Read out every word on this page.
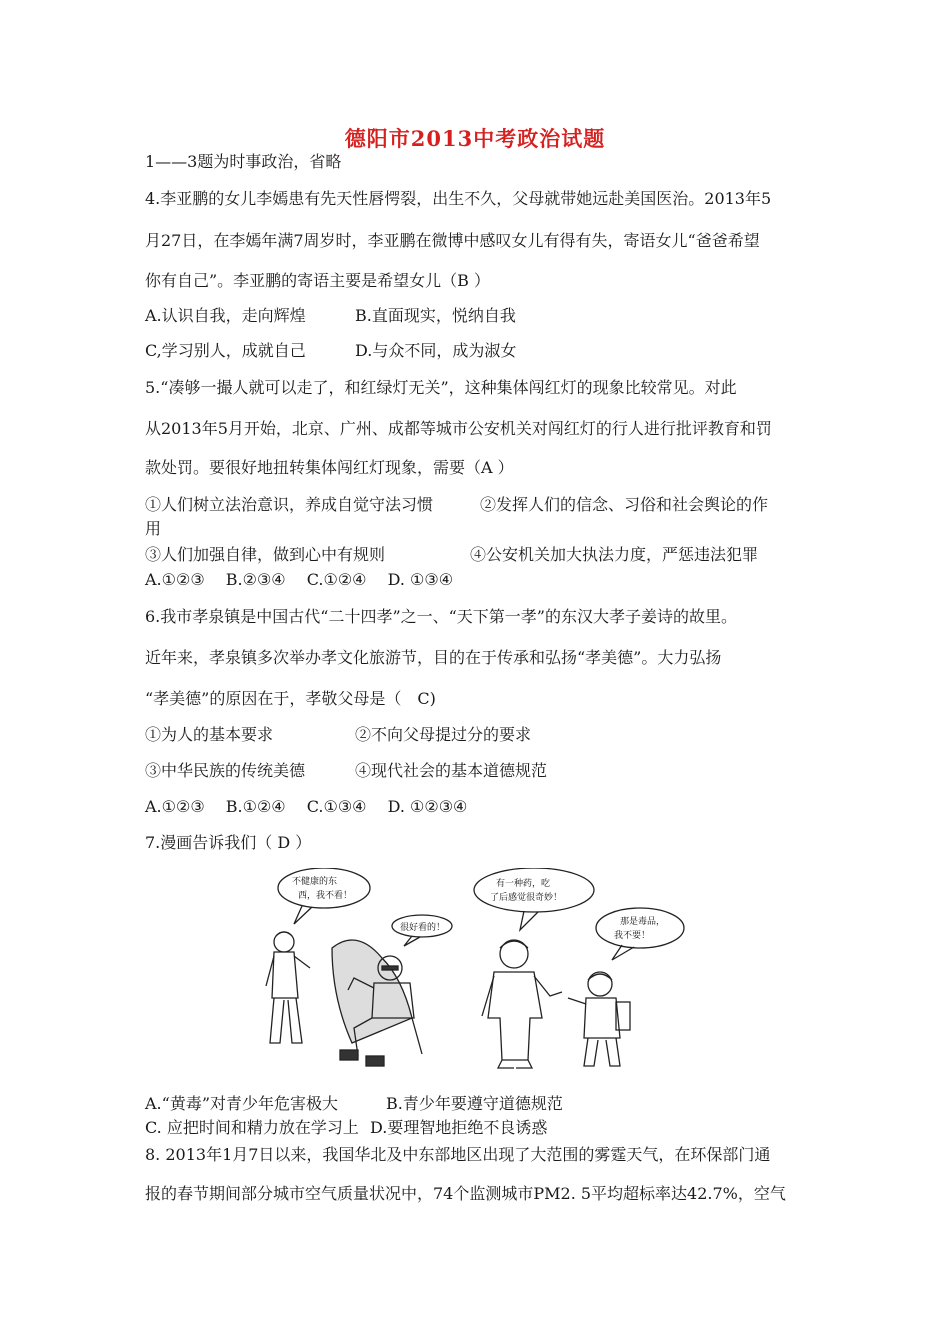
德阳市2013中考政治试题
1——3题为时事政治，省略
4.李亚鹏的女儿李嫣患有先天性唇愕裂，出生不久，父母就带她远赴美国医治。2013年5
月27日，在李嫣年满7周岁时，李亚鹏在微博中感叹女儿有得有失，寄语女儿“爸爸希望
你有自己”。李亚鹏的寄语主要是希望女儿（B ）
A.认识自我，走向辉煌	B.直面现实，悦纳自我
C,学习别人，成就自己	D.与众不同，成为淑女
5.“凑够一撮人就可以走了，和红绿灯无关”，这种集体闯红灯的现象比较常见。对此
从2013年5月开始，北京、广州、成都等城市公安机关对闯红灯的行人进行批评教育和罚
款处罚。要很好地扭转集体闯红灯现象，需要（A ）
①人们树立法治意识，养成自觉守法习惯	②发挥人们的信念、习俗和社会舆论的作
用
③人们加强自律，做到心中有规则	④公安机关加大执法力度，严惩违法犯罪
A.①②③　 B.②③④　 C.①②④　 D. ①③④
6.我市孝泉镇是中国古代“二十四孝”之一、“天下第一孝”的东汉大孝子姜诗的故里。
近年来，孝泉镇多次举办孝文化旅游节，目的在于传承和弘扬“孝美德”。大力弘扬
“孝美德”的原因在于，孝敬父母是（　C)
①为人的基本要求	②不向父母提过分的要求
③中华民族的传统美德	④现代社会的基本道德规范
A.①②③　 B.①②④　 C.①③④　 D. ①②③④
7.漫画告诉我们（ D ）
不健康的东
西，我不看！
很好看的！
有一种药，吃
了后感觉很奇妙！
那是毒品，
我不要！
A.“黄毒”对青少年危害极大	B.青少年要遵守道德规范
C. 应把时间和精力放在学习上 D.要理智地拒绝不良诱惑
8. 2013年1月7日以来，我国华北及中东部地区出现了大范围的雾霆天气，在环保部门通
报的春节期间部分城市空气质量状况中，74个监测城市PM2. 5平均超标率达42.7%，空气
